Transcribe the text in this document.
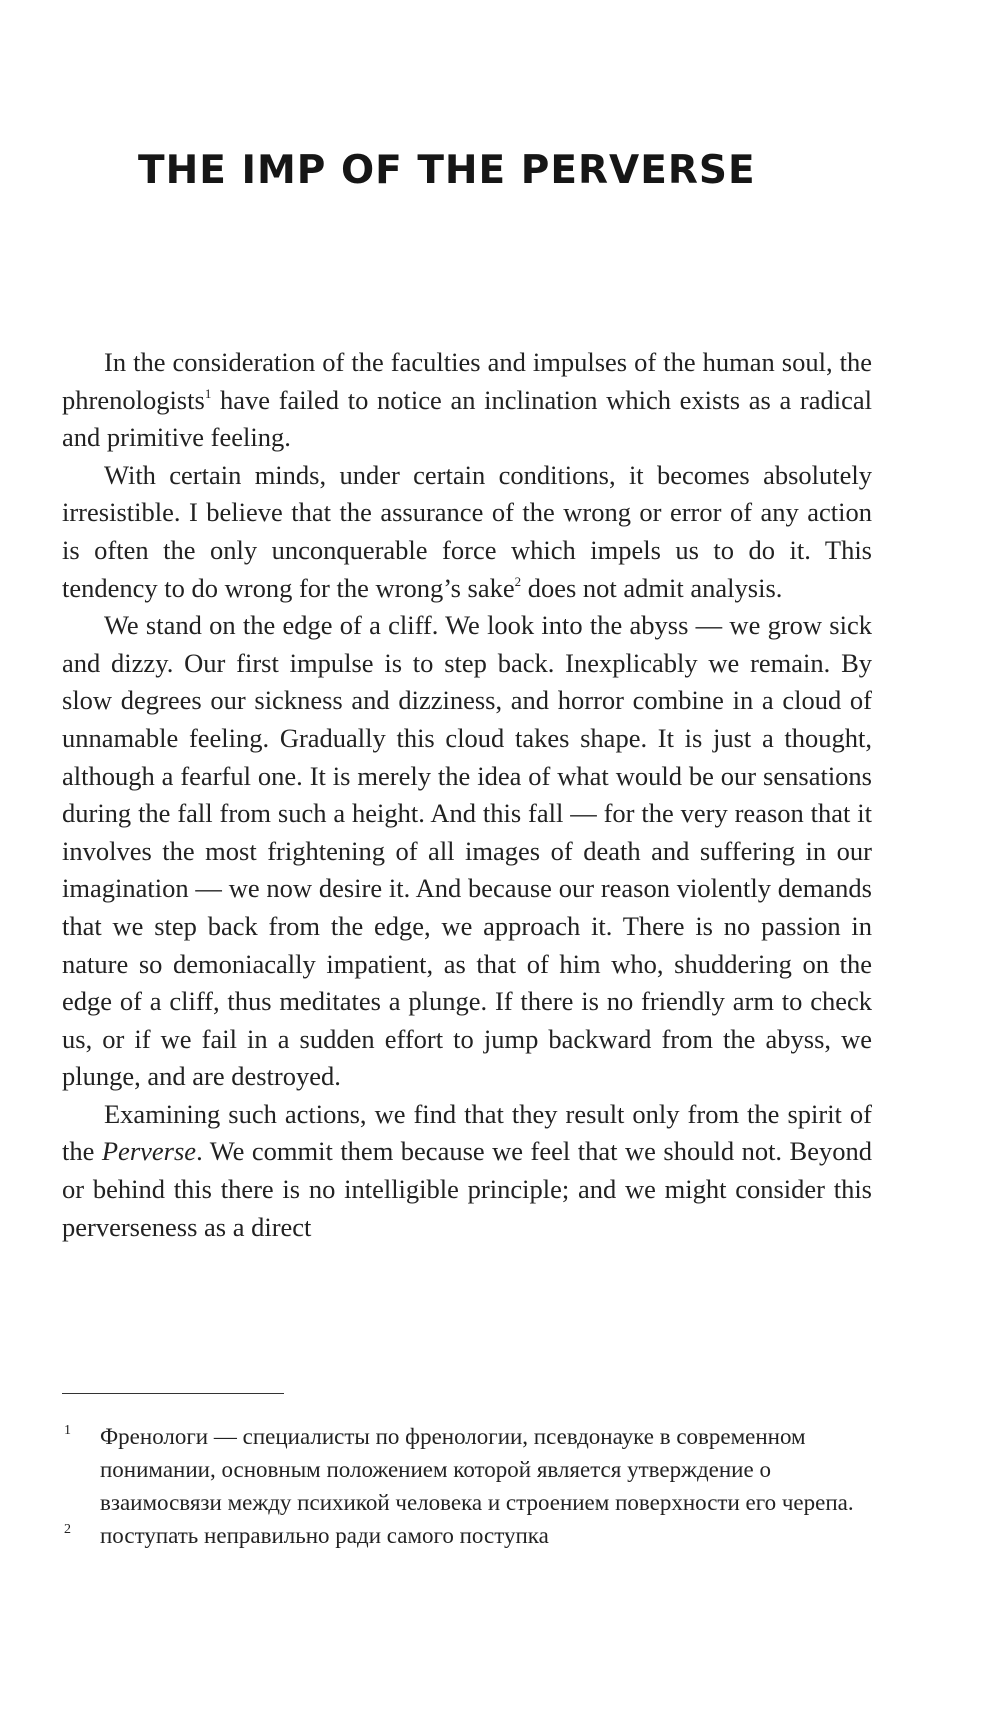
THE IMP OF THE PERVERSE

In the consideration of the faculties and impulses of the human soul, the phrenologists$^1$ have failed to notice an inclination which exists as a radical and primitive feeling.

With certain minds, under certain conditions, it becomes absolutely irresistible. I believe that the assurance of the wrong or error of any action is often the only unconquerable force which impels us to do it. This tendency to do wrong for the wrong’s sake$^2$ does not admit analysis.

We stand on the edge of a cliff. We look into the abyss — we grow sick and dizzy. Our first impulse is to step back. Inexplicably we remain. By slow degrees our sickness and dizziness, and horror combine in a cloud of unnamable feeling. Gradually this cloud takes shape. It is just a thought, although a fearful one. It is merely the idea of what would be our sensations during the fall from such a height. And this fall — for the very reason that it involves the most frightening of all images of death and suffering in our imagination — we now desire it. And because our reason violently demands that we step back from the edge, we approach it. There is no passion in nature so demoniacally impatient, as that of him who, shuddering on the edge of a cliff, thus meditates a plunge. If there is no friendly arm to check us, or if we fail in a sudden effort to jump backward from the abyss, we plunge, and are destroyed.

Examining such actions, we find that they result only from the spirit of the Perverse. We commit them because we feel that we should not. Beyond or behind this there is no intelligible principle; and we might consider this perverseness as a direct

1 Френологи — специалисты по френологии, псевдонауке в современном понимании, основным положением которой является утверждение о взаимосвязи между психикой человека и строением поверхности его черепа.

2 поступать неправильно ради самого поступка
